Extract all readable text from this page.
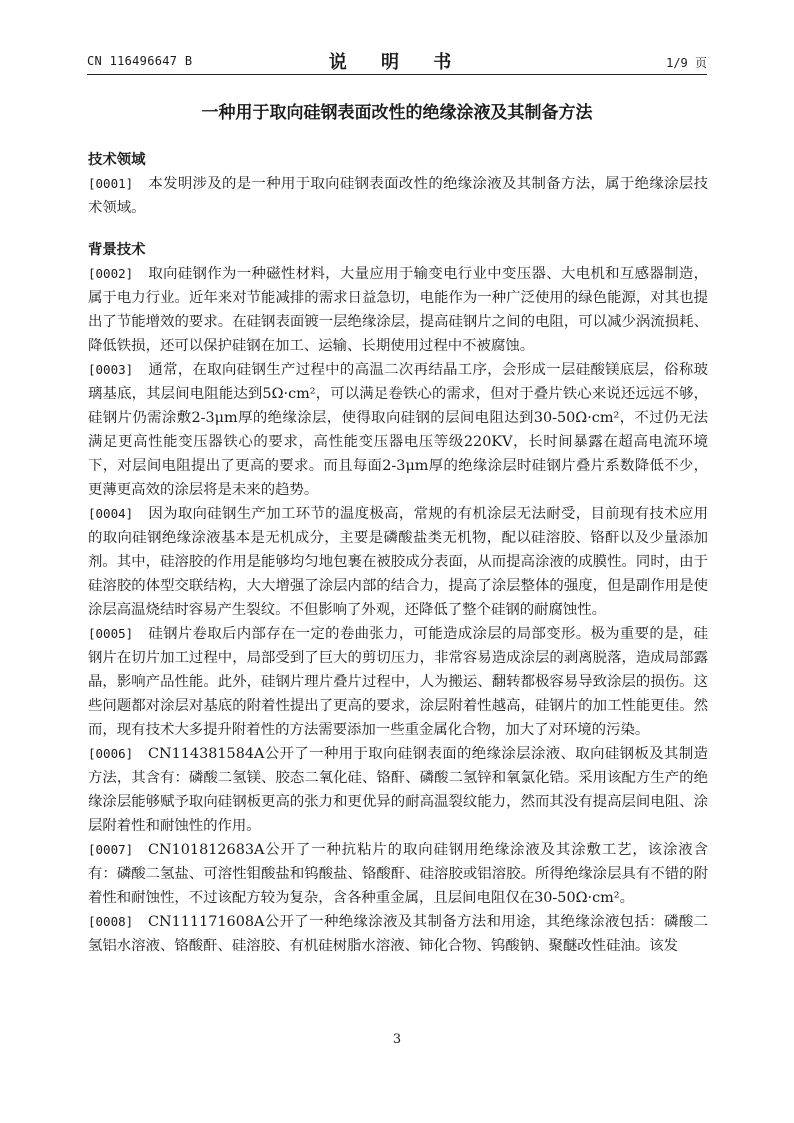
CN 116496647 B	说 明 书	1/9 页
一种用于取向硅钢表面改性的绝缘涂液及其制备方法

技术领域

[0001] 本发明涉及的是一种用于取向硅钢表面改性的绝缘涂液及其制备方法，属于绝缘涂层技术领域。

背景技术

[0002] 取向硅钢作为一种磁性材料，大量应用于输变电行业中变压器、大电机和互感器制造，属于电力行业。近年来对节能减排的需求日益急切，电能作为一种广泛使用的绿色能源，对其也提出了节能增效的要求。在硅钢表面镀一层绝缘涂层，提高硅钢片之间的电阻，可以减少涡流损耗、降低铁损，还可以保护硅钢在加工、运输、长期使用过程中不被腐蚀。

[0003] 通常，在取向硅钢生产过程中的高温二次再结晶工序，会形成一层硅酸镁底层，俗称玻璃基底，其层间电阻能达到5Ω·cm²，可以满足卷铁心的需求，但对于叠片铁心来说还远远不够，硅钢片仍需涂敷2-3μm厚的绝缘涂层，使得取向硅钢的层间电阻达到30-50Ω·cm²，不过仍无法满足更高性能变压器铁心的要求，高性能变压器电压等级220KV，长时间暴露在超高电流环境下，对层间电阻提出了更高的要求。而且每面2-3μm厚的绝缘涂层时硅钢片叠片系数降低不少，更薄更高效的涂层将是未来的趋势。

[0004] 因为取向硅钢生产加工环节的温度极高，常规的有机涂层无法耐受，目前现有技术应用的取向硅钢绝缘涂液基本是无机成分，主要是磷酸盐类无机物，配以硅溶胶、铬酐以及少量添加剂。其中，硅溶胶的作用是能够均匀地包裹在被胶成分表面，从而提高涂液的成膜性。同时，由于硅溶胶的体型交联结构，大大增强了涂层内部的结合力，提高了涂层整体的强度，但是副作用是使涂层高温烧结时容易产生裂纹。不但影响了外观，还降低了整个硅钢的耐腐蚀性。

[0005] 硅钢片卷取后内部存在一定的卷曲张力，可能造成涂层的局部变形。极为重要的是，硅钢片在切片加工过程中，局部受到了巨大的剪切压力，非常容易造成涂层的剥离脱落，造成局部露晶，影响产品性能。此外，硅钢片理片叠片过程中，人为搬运、翻转都极容易导致涂层的损伤。这些问题都对涂层对基底的附着性提出了更高的要求，涂层附着性越高，硅钢片的加工性能更佳。然而，现有技术大多提升附着性的方法需要添加一些重金属化合物，加大了对环境的污染。

[0006] CN114381584A公开了一种用于取向硅钢表面的绝缘涂层涂液、取向硅钢板及其制造方法，其含有：磷酸二氢镁、胶态二氧化硅、铬酐、磷酸二氢锌和氧氯化锆。采用该配方生产的绝缘涂层能够赋予取向硅钢板更高的张力和更优异的耐高温裂纹能力，然而其没有提高层间电阻、涂层附着性和耐蚀性的作用。

[0007] CN101812683A公开了一种抗粘片的取向硅钢用绝缘涂液及其涂敷工艺，该涂液含有：磷酸二氢盐、可溶性钼酸盐和钨酸盐、铬酸酐、硅溶胶或铝溶胶。所得绝缘涂层具有不错的附着性和耐蚀性，不过该配方较为复杂，含各种重金属，且层间电阻仅在30-50Ω·cm²。

[0008] CN111171608A公开了一种绝缘涂液及其制备方法和用途，其绝缘涂液包括：磷酸二氢铝水溶液、铬酸酐、硅溶胶、有机硅树脂水溶液、铈化合物、钨酸钠、聚醚改性硅油。该发

3
